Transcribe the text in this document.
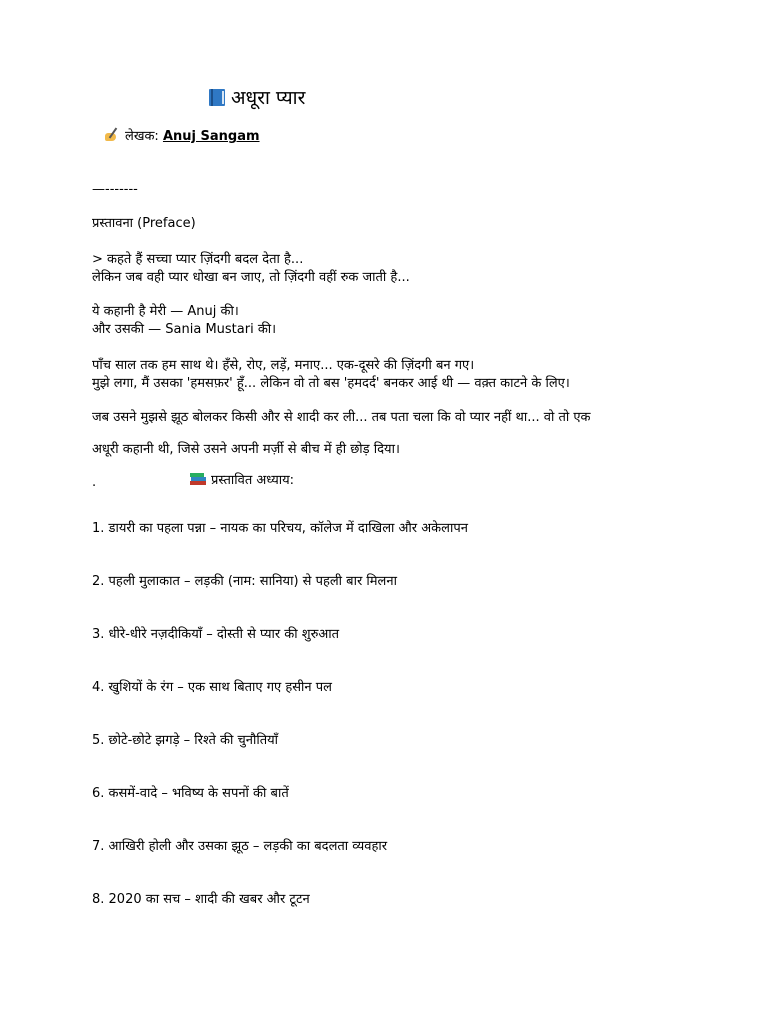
अधूरा प्यार
लेखक: Anuj Sangam
—-------
प्रस्तावना (Preface)
> कहते हैं सच्चा प्यार ज़िंदगी बदल देता है...
लेकिन जब वही प्यार धोखा बन जाए, तो ज़िंदगी वहीं रुक जाती है...
ये कहानी है मेरी — Anuj की।
और उसकी — Sania Mustari की।
पाँच साल तक हम साथ थे। हँसे, रोए, लड़ें, मनाए... एक-दूसरे की ज़िंदगी बन गए।
मुझे लगा, मैं उसका 'हमसफ़र' हूँ... लेकिन वो तो बस 'हमदर्द' बनकर आई थी — वक़्त काटने के लिए।
जब उसने मुझसे झूठ बोलकर किसी और से शादी कर ली... तब पता चला कि वो प्यार नहीं था... वो तो एक
अधूरी कहानी थी, जिसे उसने अपनी मर्ज़ी से बीच में ही छोड़ दिया।
.	प्रस्तावित अध्याय:
1. डायरी का पहला पन्ना – नायक का परिचय, कॉलेज में दाखिला और अकेलापन
2. पहली मुलाकात – लड़की (नाम: सानिया) से पहली बार मिलना
3. धीरे-धीरे नज़दीकियाँ – दोस्ती से प्यार की शुरुआत
4. खुशियों के रंग – एक साथ बिताए गए हसीन पल
5. छोटे-छोटे झगड़े – रिश्ते की चुनौतियाँ
6. कसमें-वादे – भविष्य के सपनों की बातें
7. आखिरी होली और उसका झूठ – लड़की का बदलता व्यवहार
8. 2020 का सच – शादी की खबर और टूटन
